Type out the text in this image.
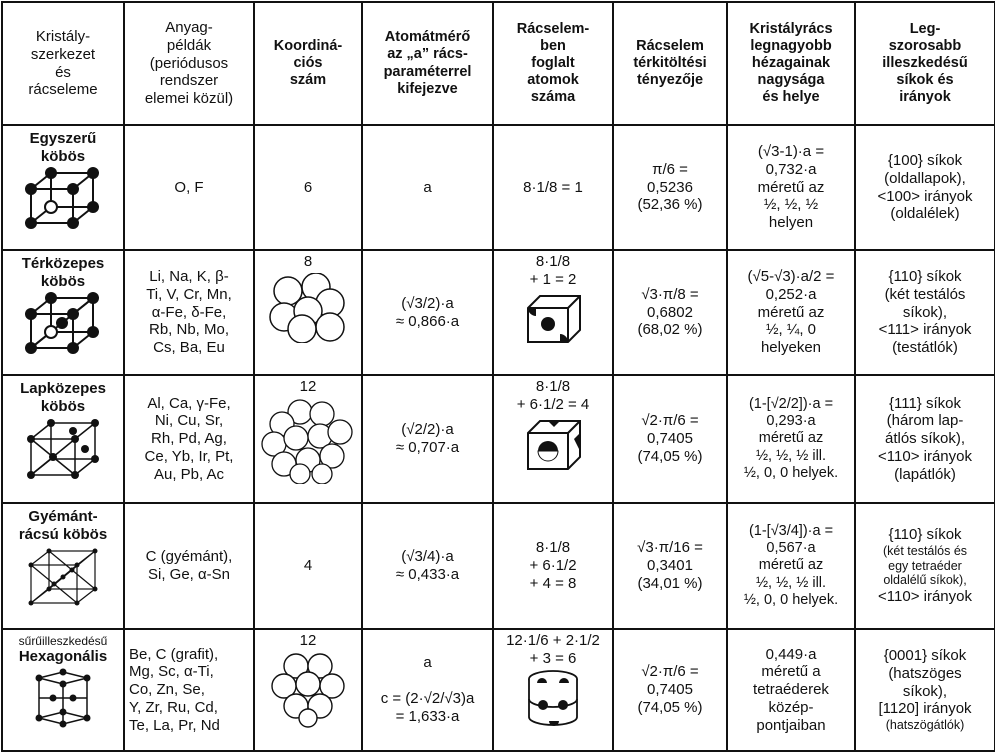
Kristály-
szerkezet
és
rácseleme	Anyag-
példák
(periódusos
rendszer
elemei közül)	Koordiná-
ciós
szám	Atomátmérő
az „a” rács-
paraméterrel
kifejezve	Rácselem-
ben
foglalt
atomok
száma	Rácselem
térkitöltési
tényezője	Kristályrács
legnagyobb
hézagainak
nagysága
és helye	Leg-
szorosabb
illeszkedésű
síkok és
irányok

Egyszerű
köbös	O, F	6	a	8·1/8 = 1	π/6 =
0,5236
(52,36 %)	(√3-1)·a =
0,732·a
méretű az
½, ½, ½
helyen	{100} síkok
(oldallapok),
<100> irányok
(oldalélek)

Térközepes
köbös	Li, Na, K, β-
Ti, V, Cr, Mn,
α-Fe, δ-Fe,
Rb, Nb, Mo,
Cs, Ba, Eu	8	(√3/2)·a
≈ 0,866·a	8·1/8
+ 1 = 2	√3·π/8 =
0,6802
(68,02 %)	(√5-√3)·a/2 =
0,252·a
méretű az
½, ¼, 0
helyeken	{110} síkok
(két testálós
síkok),
<111> irányok
(testátlók)

Lapközepes
köbös	Al, Ca, γ-Fe,
Ni, Cu, Sr,
Rh, Pd, Ag,
Ce, Yb, Ir, Pt,
Au, Pb, Ac	12	(√2/2)·a
≈ 0,707·a	8·1/8
+ 6·1/2 = 4	√2·π/6 =
0,7405
(74,05 %)	(1-[√2/2])·a =
0,293·a
méretű az
½, ½, ½ ill.
½, 0, 0 helyek.	{111} síkok
(három lap-
átlós síkok),
<110> irányok
(lapátlók)

Gyémánt-
rácsú köbös	C (gyémánt),
Si, Ge, α-Sn	4	(√3/4)·a
≈ 0,433·a	8·1/8
+ 6·1/2
+ 4 = 8	√3·π/16 =
0,3401
(34,01 %)	(1-[√3/4])·a =
0,567·a
méretű az
½, ½, ½ ill.
½, 0, 0 helyek.	{110} síkok
(két testálós és
egy tetraéder
oldalélű síkok),
<110> irányok

sűrűilleszkedésű
Hexagonális	Be, C (grafit),
Mg, Sc, α-Ti,
Co, Zn, Se,
Y, Zr, Ru, Cd,
Te, La, Pr, Nd	12	a
c = (2·√2/√3)a
= 1,633·a	12·1/6 + 2·1/2
+ 3 = 6	√2·π/6 =
0,7405
(74,05 %)	0,449·a
méretű a
tetraéderek
közép-
pontjaiban	{0001} síkok
(hatszöges
síkok),
[1120] irányok
(hatszögátlók)
